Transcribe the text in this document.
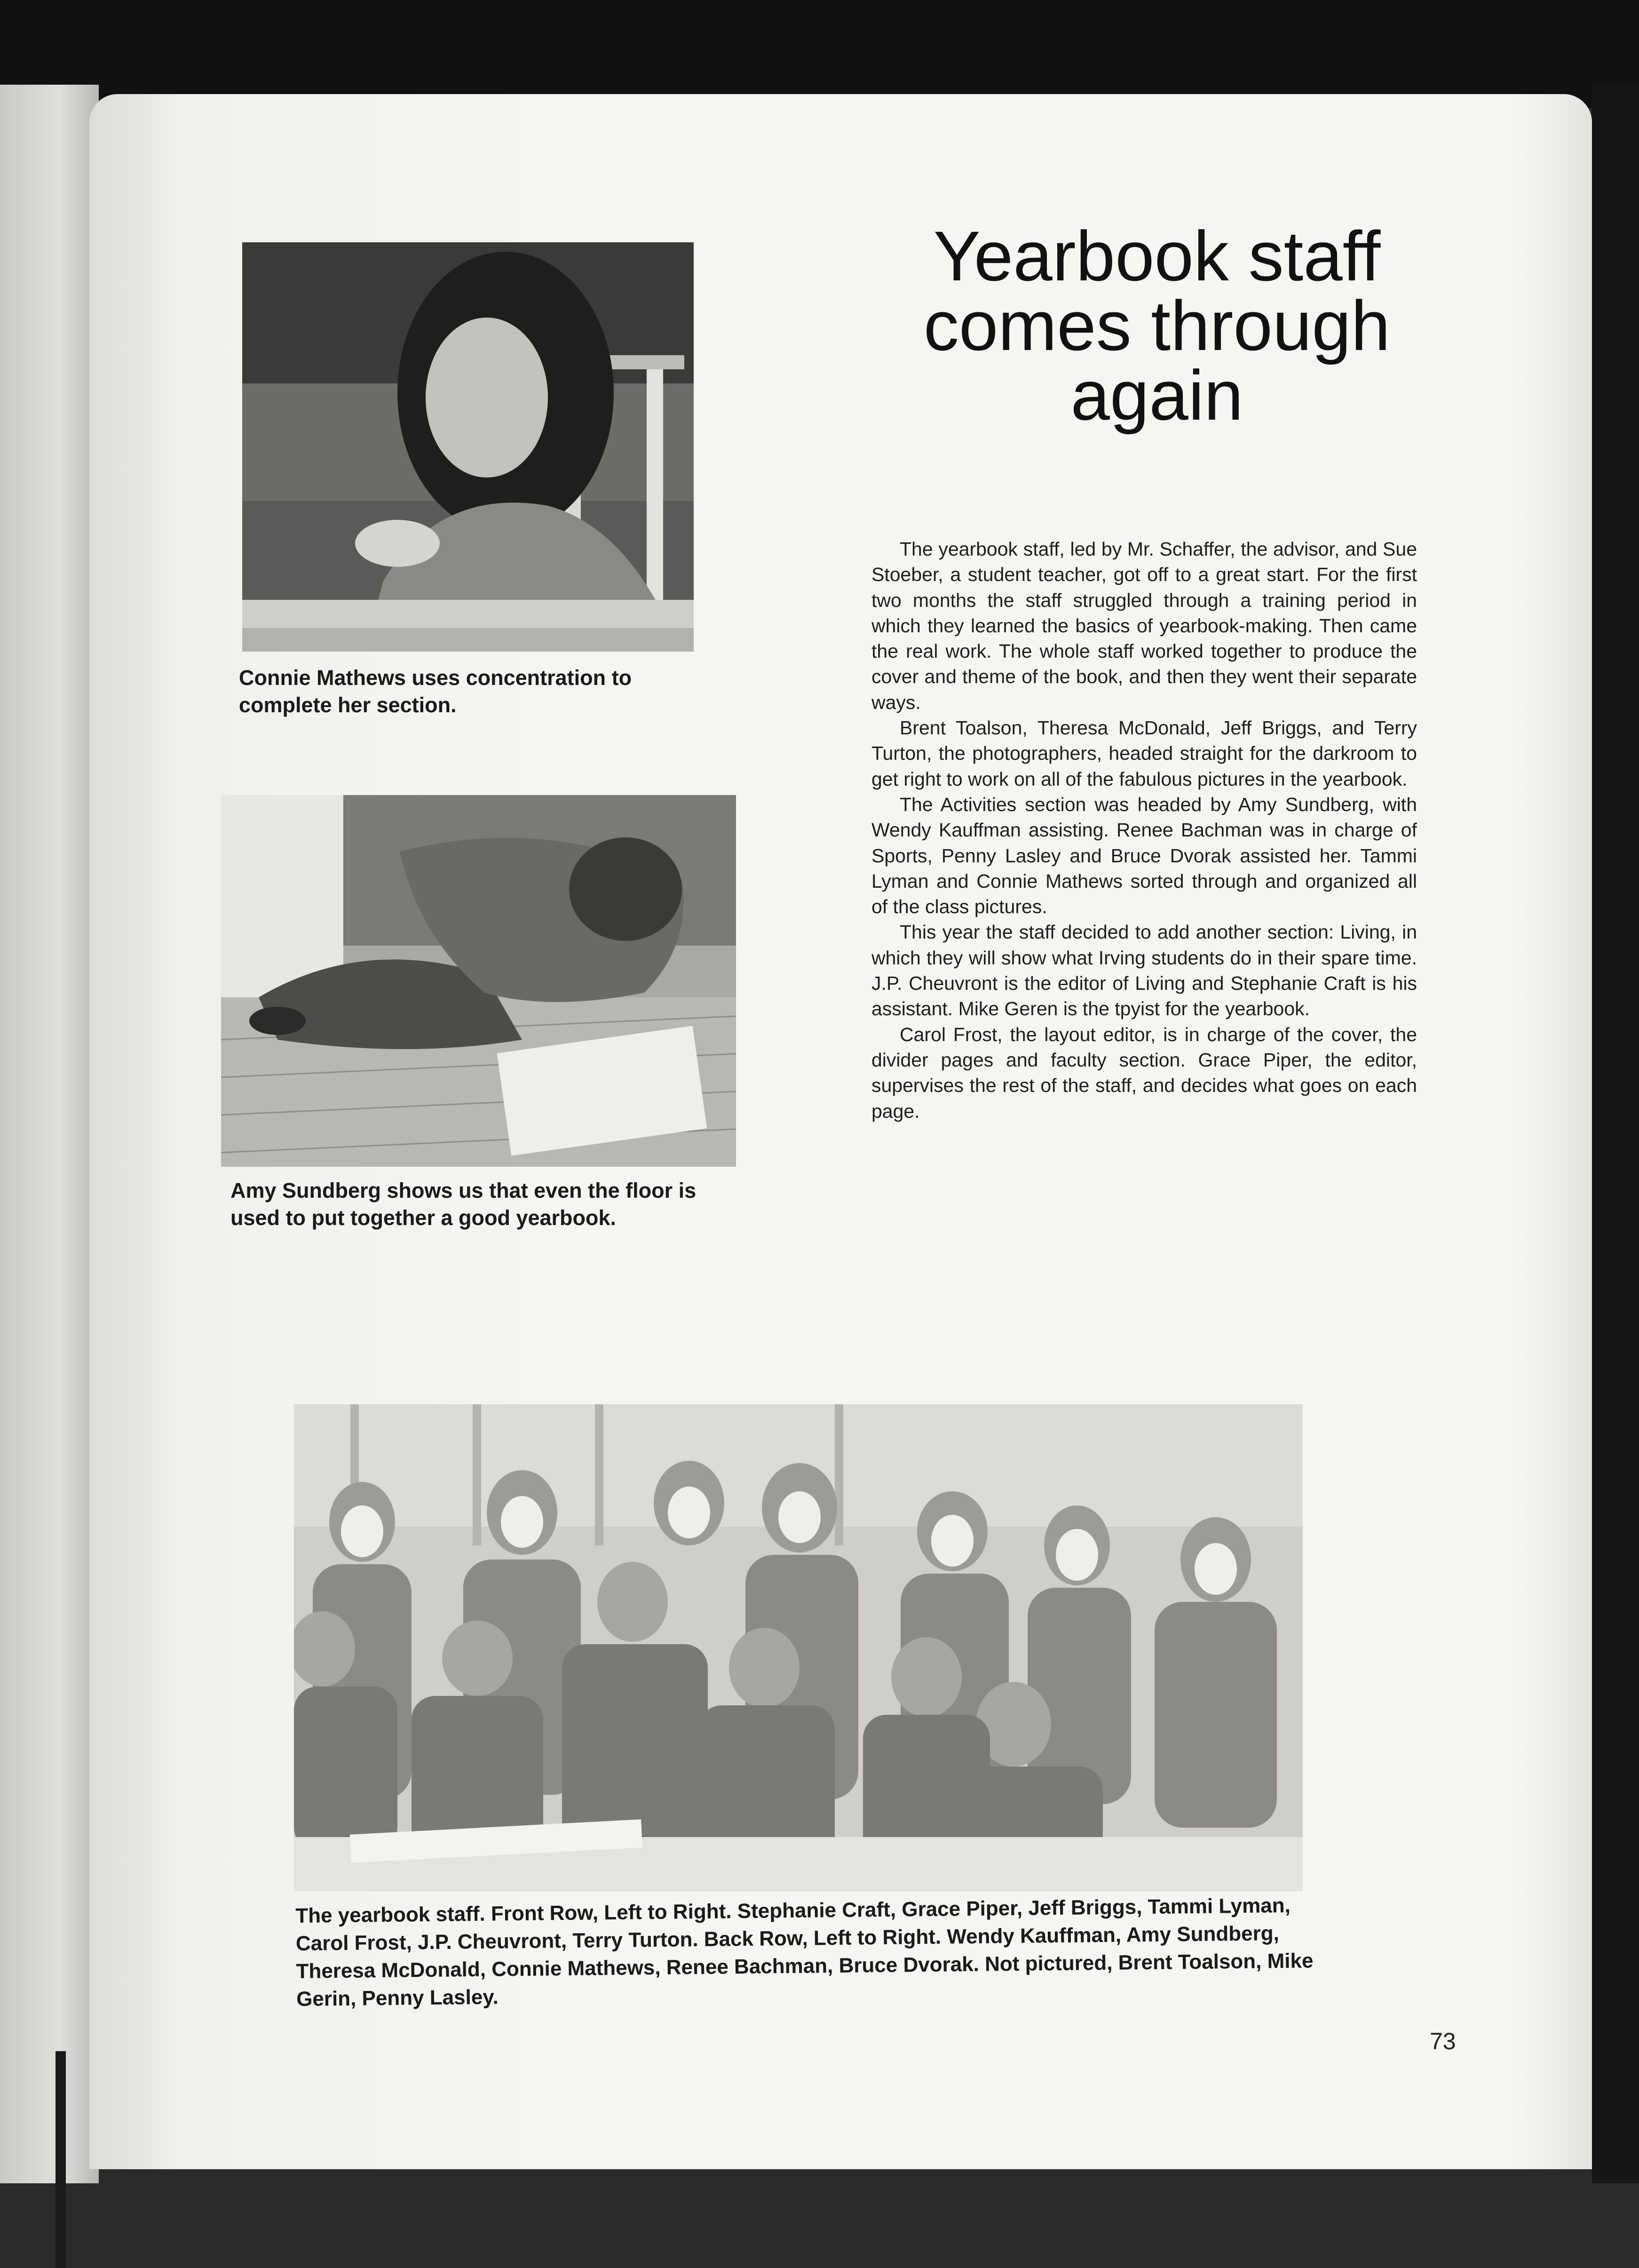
Connie Mathews uses concentration to complete her section.

Amy Sundberg shows us that even the floor is used to put together a good yearbook.

The yearbook staff. Front Row, Left to Right. Stephanie Craft, Grace Piper, Jeff Briggs, Tammi Lyman, Carol Frost, J.P. Cheuvront, Terry Turton. Back Row, Left to Right. Wendy Kauffman, Amy Sundberg, Theresa McDonald, Connie Mathews, Renee Bachman, Bruce Dvorak. Not pictured, Brent Toalson, Mike Gerin, Penny Lasley.

Yearbook staff comes through again

The yearbook staff, led by Mr. Schaffer, the advisor, and Sue Stoeber, a student teacher, got off to a great start. For the first two months the staff struggled through a training period in which they learned the basics of yearbook-making. Then came the real work. The whole staff worked together to produce the cover and theme of the book, and then they went their separate ways.

Brent Toalson, Theresa McDonald, Jeff Briggs, and Terry Turton, the photographers, headed straight for the darkroom to get right to work on all of the fabulous pictures in the yearbook.

The Activities section was headed by Amy Sundberg, with Wendy Kauffman assisting. Renee Bachman was in charge of Sports, Penny Lasley and Bruce Dvorak assisted her. Tammi Lyman and Connie Mathews sorted through and organized all of the class pictures.

This year the staff decided to add another section: Living, in which they will show what Irving students do in their spare time. J.P. Cheuvront is the editor of Living and Stephanie Craft is his assistant. Mike Geren is the tpyist for the yearbook.

Carol Frost, the layout editor, is in charge of the cover, the divider pages and faculty section. Grace Piper, the editor, supervises the rest of the staff, and decides what goes on each page.

73
